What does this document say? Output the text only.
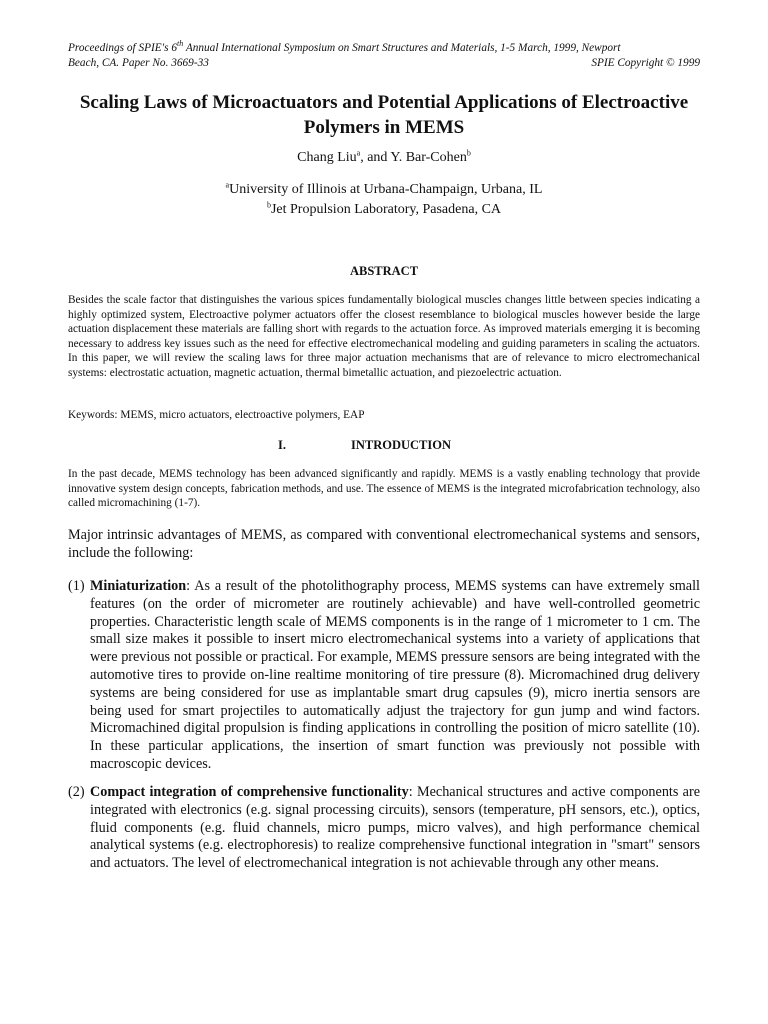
Proceedings of SPIE's 6th Annual International Symposium on Smart Structures and Materials, 1-5 March, 1999, Newport
Beach, CA. Paper No. 3669-33	SPIE Copyright © 1999
Scaling Laws of Microactuators and Potential Applications of Electroactive Polymers in MEMS
Chang Liu$^a$, and Y. Bar-Cohen$^b$
$^a$University of Illinois at Urbana-Champaign, Urbana, IL
$^b$Jet Propulsion Laboratory, Pasadena, CA
ABSTRACT
Besides the scale factor that distinguishes the various spices fundamentally biological muscles changes little between species indicating a highly optimized system, Electroactive polymer actuators offer the closest resemblance to biological muscles however beside the large actuation displacement these materials are falling short with regards to the actuation force. As improved materials emerging it is becoming necessary to address key issues such as the need for effective electromechanical modeling and guiding parameters in scaling the actuators. In this paper, we will review the scaling laws for three major actuation mechanisms that are of relevance to micro electromechanical systems: electrostatic actuation, magnetic actuation, thermal bimetallic actuation, and piezoelectric actuation.
Keywords: MEMS, micro actuators, electroactive polymers, EAP
I.	INTRODUCTION
In the past decade, MEMS technology has been advanced significantly and rapidly. MEMS is a vastly enabling technology that provide innovative system design concepts, fabrication methods, and use. The essence of MEMS is the integrated microfabrication technology, also called micromachining (1-7).
Major intrinsic advantages of MEMS, as compared with conventional electromechanical systems and sensors, include the following:
(1) Miniaturization: As a result of the photolithography process, MEMS systems can have extremely small features (on the order of micrometer are routinely achievable) and have well-controlled geometric properties. Characteristic length scale of MEMS components is in the range of 1 micrometer to 1 cm. The small size makes it possible to insert micro electromechanical systems into a variety of applications that were previous not possible or practical. For example, MEMS pressure sensors are being integrated with the automotive tires to provide on-line realtime monitoring of tire pressure (8). Micromachined drug delivery systems are being considered for use as implantable smart drug capsules (9), micro inertia sensors are being used for smart projectiles to automatically adjust the trajectory for gun jump and wind factors. Micromachined digital propulsion is finding applications in controlling the position of micro satellite (10). In these particular applications, the insertion of smart function was previously not possible with macroscopic devices.
(2) Compact integration of comprehensive functionality: Mechanical structures and active components are integrated with electronics (e.g. signal processing circuits), sensors (temperature, pH sensors, etc.), optics, fluid components (e.g. fluid channels, micro pumps, micro valves), and high performance chemical analytical systems (e.g. electrophoresis) to realize comprehensive functional integration in "smart" sensors and actuators. The level of electromechanical integration is not achievable through any other means.
